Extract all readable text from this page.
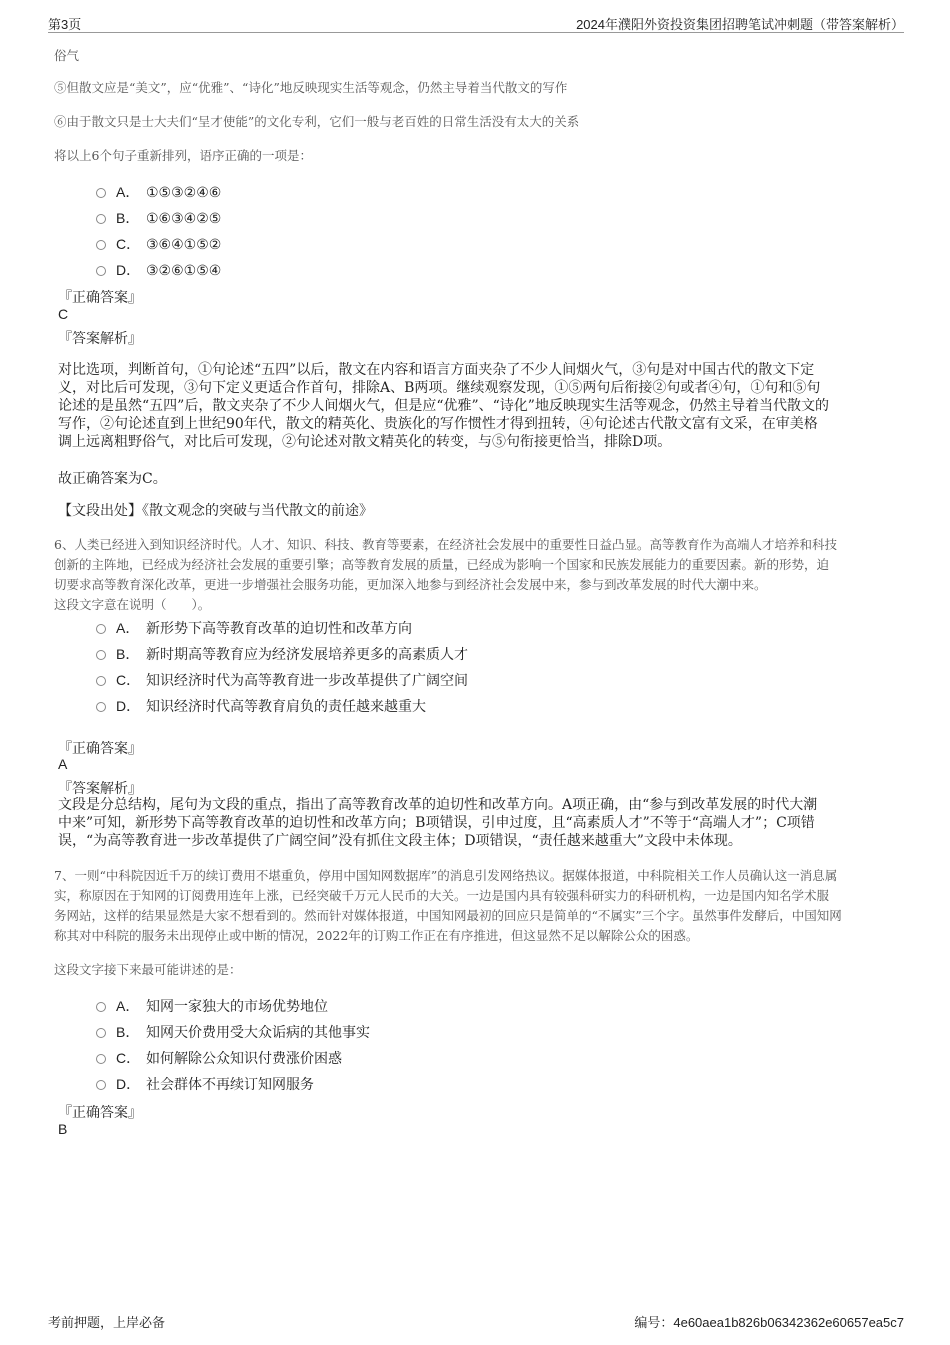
第3页	2024年濮阳外资投资集团招聘笔试冲刺题（带答案解析）
俗气
⑤但散文应是“美文”，应“优雅”、“诗化”地反映现实生活等观念，仍然主导着当代散文的写作
⑥由于散文只是士大夫们“呈才使能”的文化专利，它们一般与老百姓的日常生活没有太大的关系
将以上6个句子重新排列，语序正确的一项是：
A． ①⑤③②④⑥
B． ①⑥③④②⑤
C． ③⑥④①⑤②
D． ③②⑥①⑤④
『正确答案』
C
『答案解析』
对比选项，判断首句，①句论述“五四”以后，散文在内容和语言方面夹杂了不少人间烟火气，③句是对中国古代的散文下定
义，对比后可发现，③句下定义更适合作首句，排除A、B两项。继续观察发现，①⑤两句后衔接②句或者④句，①句和⑤句
论述的是虽然“五四”后，散文夹杂了不少人间烟火气，但是应“优雅”、“诗化”地反映现实生活等观念，仍然主导着当代散文的
写作，②句论述直到上世纪90年代，散文的精英化、贵族化的写作惯性才得到扭转，④句论述古代散文富有文采，在审美格
调上远离粗野俗气，对比后可发现，②句论述对散文精英化的转变，与⑤句衔接更恰当，排除D项。
故正确答案为C。
【文段出处】《散文观念的突破与当代散文的前途》
6、人类已经进入到知识经济时代。人才、知识、科技、教育等要素，在经济社会发展中的重要性日益凸显。高等教育作为高端人才培养和科技
创新的主阵地，已经成为经济社会发展的重要引擎；高等教育发展的质量，已经成为影响一个国家和民族发展能力的重要因素。新的形势，迫
切要求高等教育深化改革，更进一步增强社会服务功能，更加深入地参与到经济社会发展中来，参与到改革发展的时代大潮中来。
这段文字意在说明（　　）。
A． 新形势下高等教育改革的迫切性和改革方向
B． 新时期高等教育应为经济发展培养更多的高素质人才
C． 知识经济时代为高等教育进一步改革提供了广阔空间
D． 知识经济时代高等教育肩负的责任越来越重大
『正确答案』
A
『答案解析』
文段是分总结构，尾句为文段的重点，指出了高等教育改革的迫切性和改革方向。A项正确，由“参与到改革发展的时代大潮
中来”可知，新形势下高等教育改革的迫切性和改革方向；B项错误，引申过度，且“高素质人才”不等于“高端人才”；C项错
误，“为高等教育进一步改革提供了广阔空间”没有抓住文段主体；D项错误，“责任越来越重大”文段中未体现。
7、一则“中科院因近千万的续订费用不堪重负，停用中国知网数据库”的消息引发网络热议。据媒体报道，中科院相关工作人员确认这一消息属
实，称原因在于知网的订阅费用连年上涨，已经突破千万元人民币的大关。一边是国内具有较强科研实力的科研机构，一边是国内知名学术服
务网站，这样的结果显然是大家不想看到的。然而针对媒体报道，中国知网最初的回应只是简单的“不属实”三个字。虽然事件发酵后，中国知网
称其对中科院的服务未出现停止或中断的情况，2022年的订购工作正在有序推进，但这显然不足以解除公众的困惑。
这段文字接下来最可能讲述的是：
A． 知网一家独大的市场优势地位
B． 知网天价费用受大众诟病的其他事实
C． 如何解除公众知识付费涨价困惑
D． 社会群体不再续订知网服务
『正确答案』
B
考前押题，上岸必备	编号：4e60aea1b826b06342362e60657ea5c7
